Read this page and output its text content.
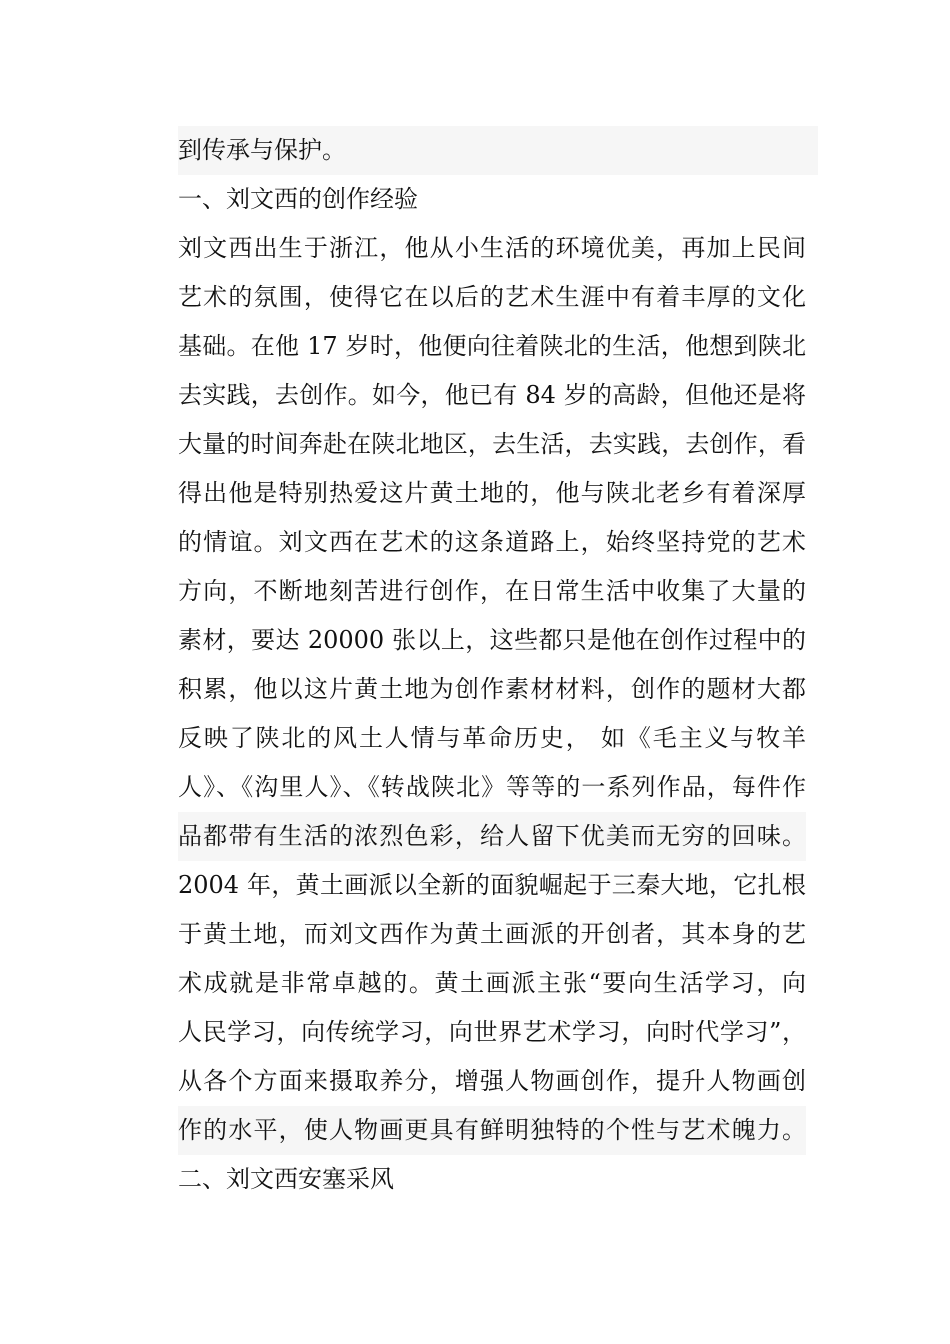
到传承与保护。
一、刘文西的创作经验
刘文西出生于浙江，他从小生活的环境优美，再加上民间
艺术的氛围，使得它在以后的艺术生涯中有着丰厚的文化
基础。在他 17 岁时，他便向往着陕北的生活，他想到陕北
去实践，去创作。如今，他已有 84 岁的高龄，但他还是将
大量的时间奔赴在陕北地区，去生活，去实践，去创作，看
得出他是特别热爱这片黄土地的，他与陕北老乡有着深厚
的情谊。刘文西在艺术的这条道路上，始终坚持党的艺术
方向，不断地刻苦进行创作，在日常生活中收集了大量的
素材，要达 20000 张以上，这些都只是他在创作过程中的
积累，他以这片黄土地为创作素材材料，创作的题材大都
反映了陕北的风土人情与革命历史， 如《毛主义与牧羊
人》、《沟里人》、《转战陕北》等等的一系列作品，每件作
品都带有生活的浓烈色彩，给人留下优美而无穷的回味。
2004 年，黄土画派以全新的面貌崛起于三秦大地，它扎根
于黄土地，而刘文西作为黄土画派的开创者，其本身的艺
术成就是非常卓越的。黄土画派主张“要向生活学习，向
人民学习，向传统学习，向世界艺术学习，向时代学习”，
从各个方面来摄取养分，增强人物画创作，提升人物画创
作的水平，使人物画更具有鲜明独特的个性与艺术魄力。
二、刘文西安塞采风
